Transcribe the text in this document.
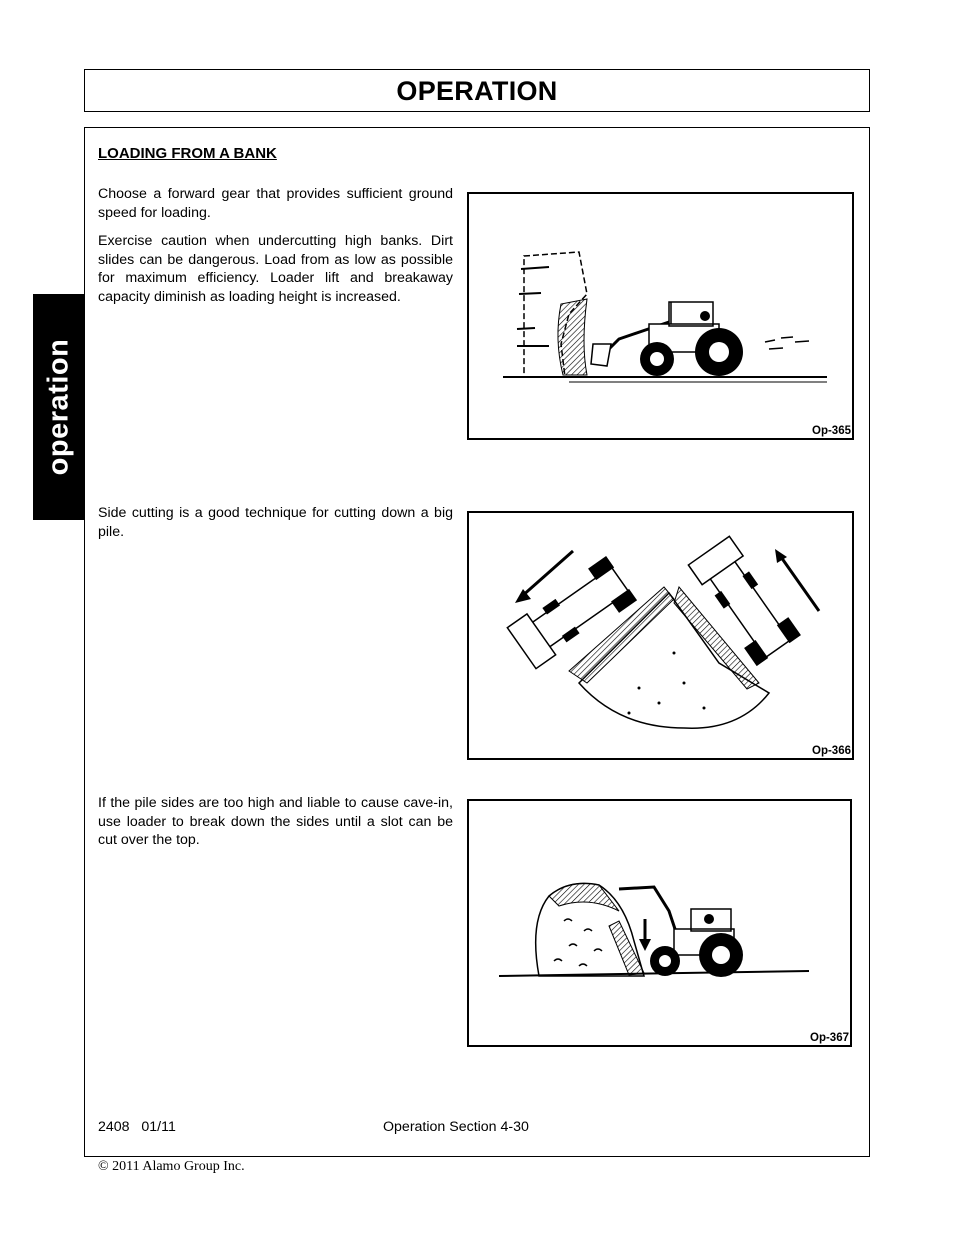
OPERATION
operation
LOADING FROM A BANK
Choose a forward gear that provides sufficient ground speed for loading.
Exercise caution when undercutting high banks. Dirt slides can be dangerous. Load from as low as possible for maximum efficiency. Loader lift and breakaway capacity diminish as loading height is increased.
Side cutting is a good technique for cutting down a big pile.
If the pile sides are too high and liable to cause cave-in, use loader to break down the sides until a slot can be cut over the top.
Op-365
Op-366
Op-367
2408   01/11	Operation Section 4-30
© 2011 Alamo Group Inc.
